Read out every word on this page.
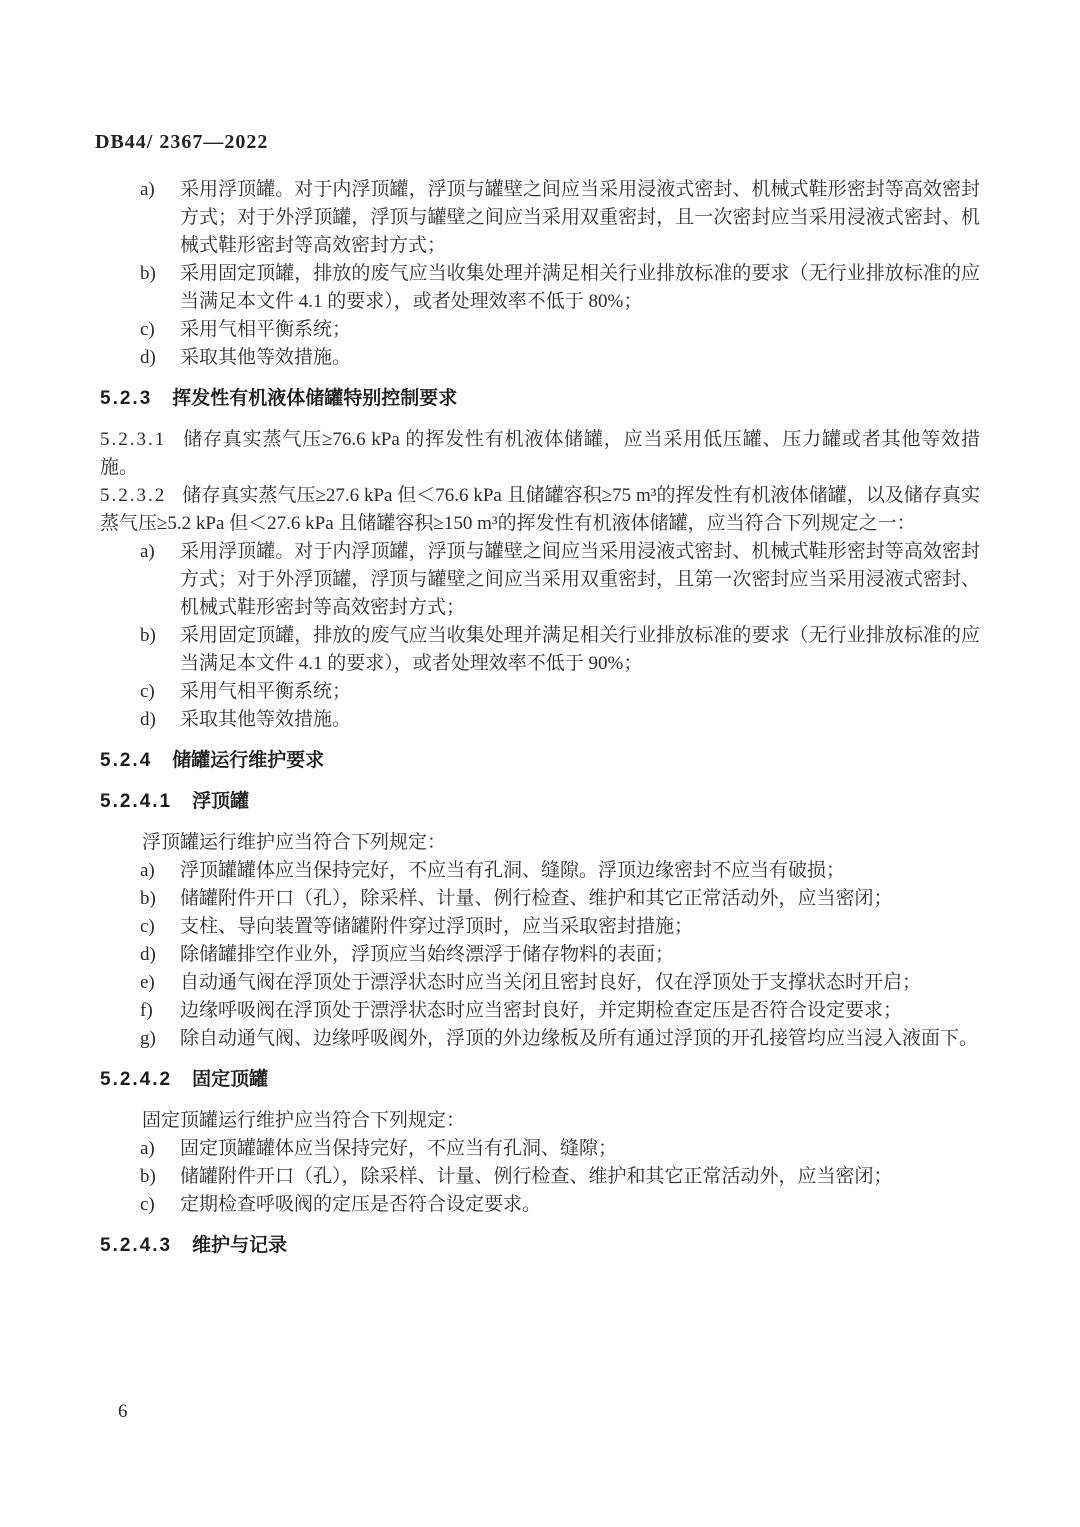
DB44/ 2367—2022
a)	采用浮顶罐。对于内浮顶罐，浮顶与罐壁之间应当采用浸液式密封、机械式鞋形密封等高效密封方式；对于外浮顶罐，浮顶与罐壁之间应当采用双重密封，且一次密封应当采用浸液式密封、机械式鞋形密封等高效密封方式；
b)	采用固定顶罐，排放的废气应当收集处理并满足相关行业排放标准的要求（无行业排放标准的应当满足本文件 4.1 的要求），或者处理效率不低于 80%；
c)	采用气相平衡系统；
d)	采取其他等效措施。
5.2.3 挥发性有机液体储罐特别控制要求

5.2.3.1 储存真实蒸气压≥76.6 kPa 的挥发性有机液体储罐，应当采用低压罐、压力罐或者其他等效措施。

5.2.3.2 储存真实蒸气压≥27.6 kPa 但＜76.6 kPa 且储罐容积≥75 m³的挥发性有机液体储罐，以及储存真实蒸气压≥5.2 kPa 但＜27.6 kPa 且储罐容积≥150 m³的挥发性有机液体储罐，应当符合下列规定之一：

a)	采用浮顶罐。对于内浮顶罐，浮顶与罐壁之间应当采用浸液式密封、机械式鞋形密封等高效密封方式；对于外浮顶罐，浮顶与罐壁之间应当采用双重密封，且第一次密封应当采用浸液式密封、机械式鞋形密封等高效密封方式；
b)	采用固定顶罐，排放的废气应当收集处理并满足相关行业排放标准的要求（无行业排放标准的应当满足本文件 4.1 的要求），或者处理效率不低于 90%；
c)	采用气相平衡系统；
d)	采取其他等效措施。
5.2.4 储罐运行维护要求
5.2.4.1 浮顶罐

浮顶罐运行维护应当符合下列规定：

a)	浮顶罐罐体应当保持完好，不应当有孔洞、缝隙。浮顶边缘密封不应当有破损；
b)	储罐附件开口（孔），除采样、计量、例行检查、维护和其它正常活动外，应当密闭；
c)	支柱、导向装置等储罐附件穿过浮顶时，应当采取密封措施；
d)	除储罐排空作业外，浮顶应当始终漂浮于储存物料的表面；
e)	自动通气阀在浮顶处于漂浮状态时应当关闭且密封良好，仅在浮顶处于支撑状态时开启；
f)	边缘呼吸阀在浮顶处于漂浮状态时应当密封良好，并定期检查定压是否符合设定要求；
g)	除自动通气阀、边缘呼吸阀外，浮顶的外边缘板及所有通过浮顶的开孔接管均应当浸入液面下。
5.2.4.2 固定顶罐

固定顶罐运行维护应当符合下列规定：

a)	固定顶罐罐体应当保持完好，不应当有孔洞、缝隙；
b)	储罐附件开口（孔），除采样、计量、例行检查、维护和其它正常活动外，应当密闭；
c)	定期检查呼吸阀的定压是否符合设定要求。
5.2.4.3 维护与记录
6
